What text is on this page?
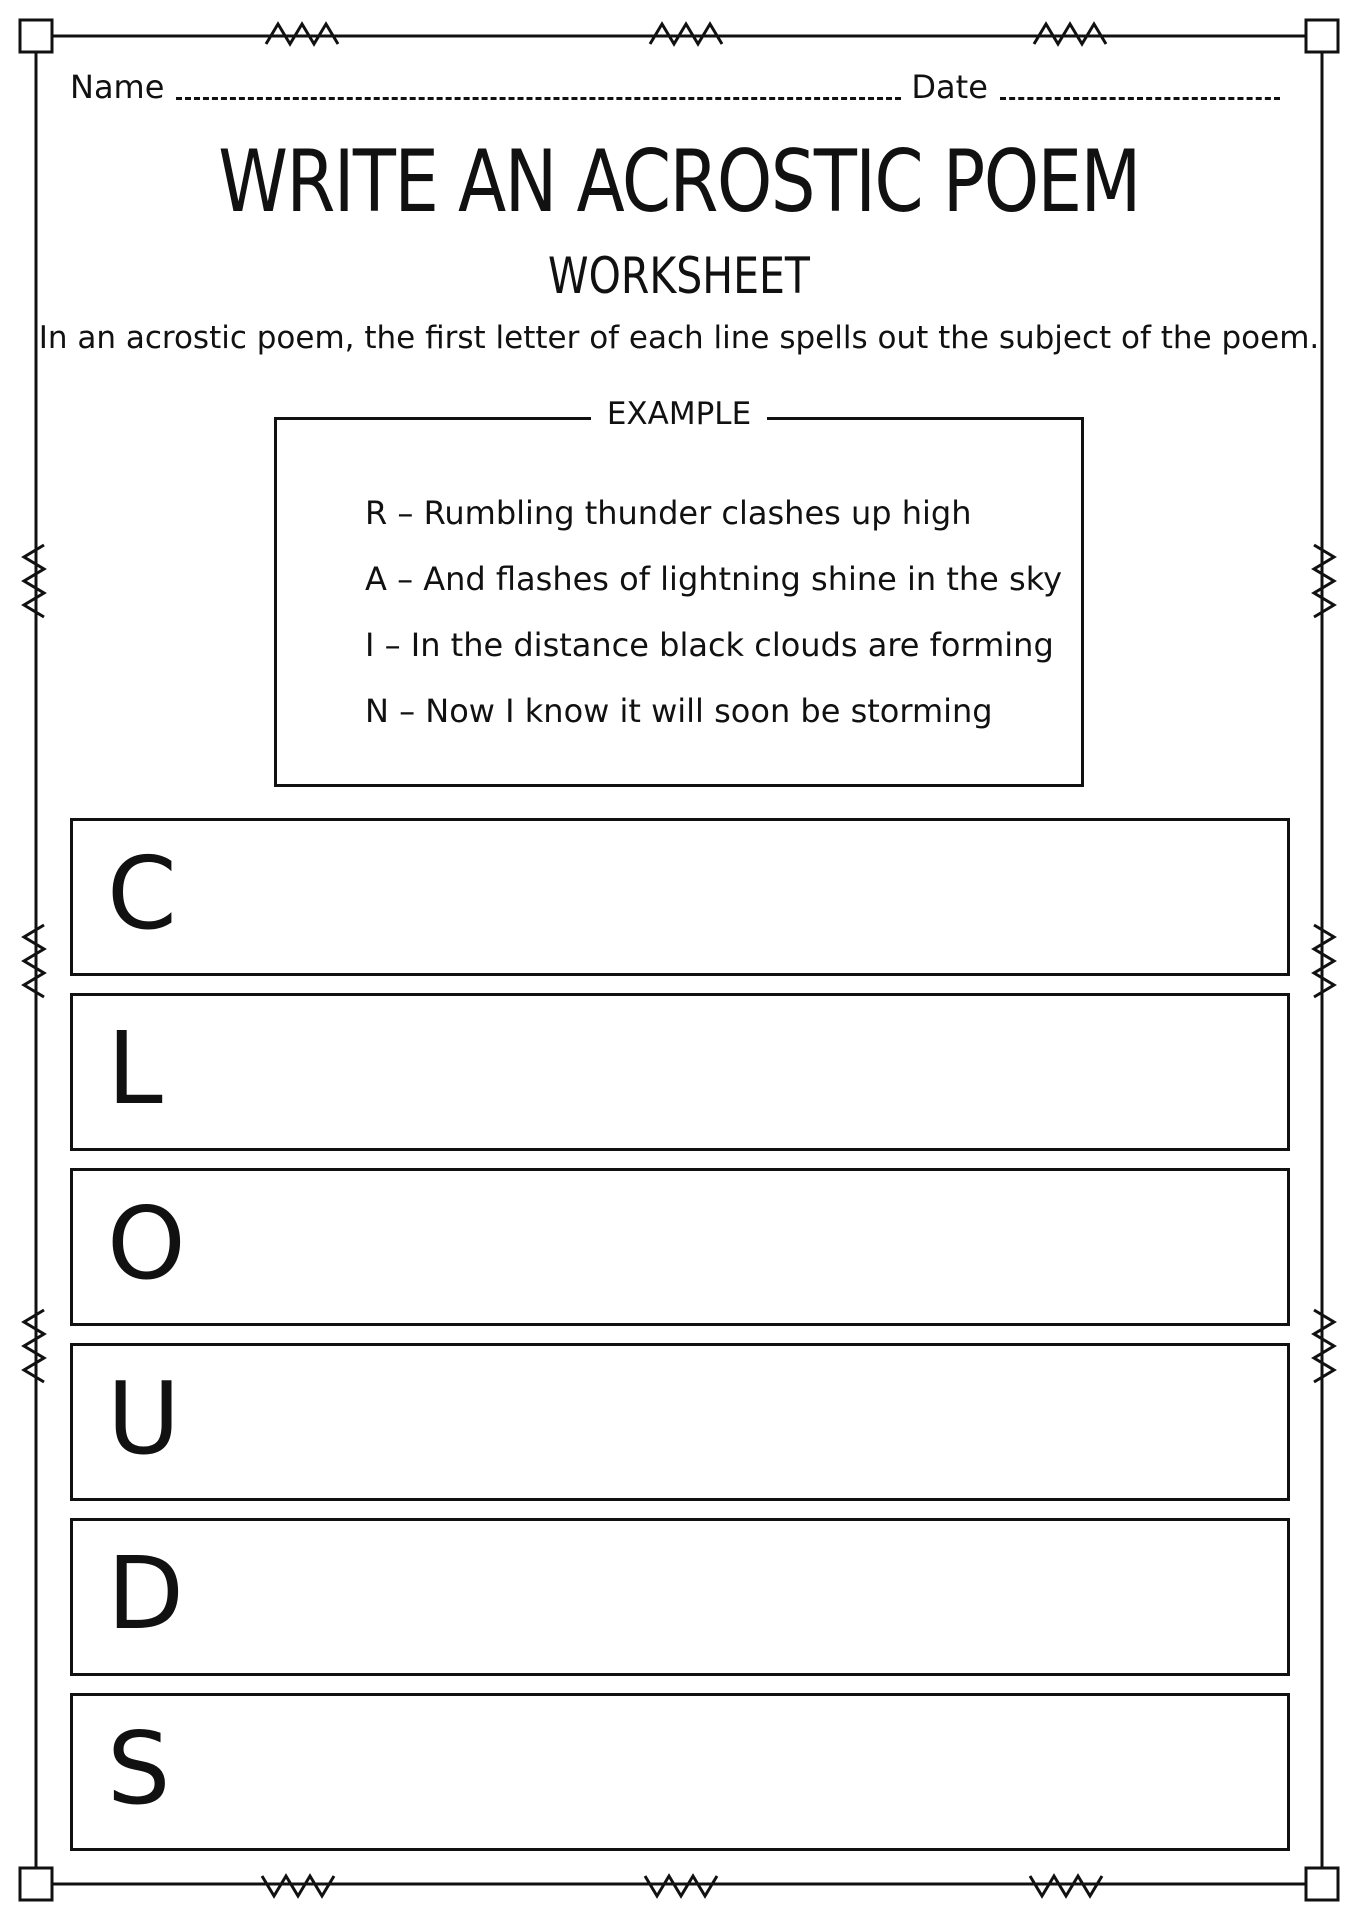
Name	Date
WRITE AN ACROSTIC POEM
WORKSHEET
In an acrostic poem, the first letter of each line spells out the subject of the poem.
EXAMPLE
R – Rumbling thunder clashes up high
A – And flashes of lightning shine in the sky
I – In the distance black clouds are forming
N – Now I know it will soon be storming
C
L
O
U
D
S
